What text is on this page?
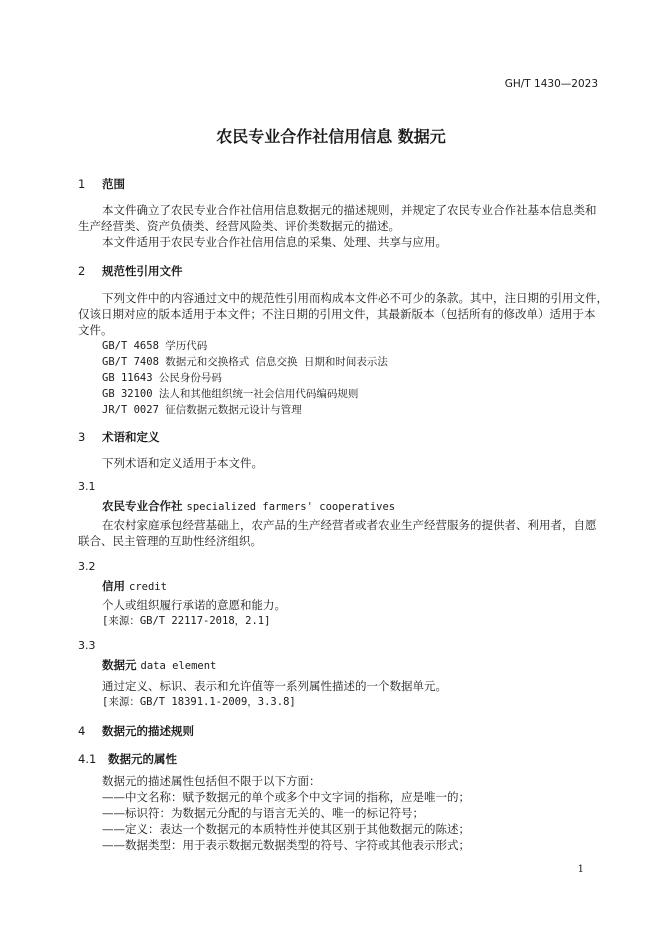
GH/T 1430—2023
农民专业合作社信用信息 数据元
1 范围
本文件确立了农民专业合作社信用信息数据元的描述规则，并规定了农民专业合作社基本信息类和
生产经营类、资产负债类、经营风险类、评价类数据元的描述。
本文件适用于农民专业合作社信用信息的采集、处理、共享与应用。
2 规范性引用文件
下列文件中的内容通过文中的规范性引用而构成本文件必不可少的条款。其中，注日期的引用文件，
仅该日期对应的版本适用于本文件；不注日期的引用文件，其最新版本（包括所有的修改单）适用于本
文件。
GB/T 4658 学历代码
GB/T 7408 数据元和交换格式 信息交换 日期和时间表示法
GB 11643 公民身份号码
GB 32100 法人和其他组织统一社会信用代码编码规则
JR/T 0027 征信数据元数据元设计与管理
3 术语和定义
下列术语和定义适用于本文件。
3.1
农民专业合作社 specialized farmers' cooperatives
在农村家庭承包经营基础上，农产品的生产经营者或者农业生产经营服务的提供者、利用者，自愿
联合、民主管理的互助性经济组织。
3.2
信用 credit
个人或组织履行承诺的意愿和能力。
[来源：GB/T 22117-2018，2.1]
3.3
数据元 data element
通过定义、标识、表示和允许值等一系列属性描述的一个数据单元。
[来源：GB/T 18391.1-2009，3.3.8]
4 数据元的描述规则
4.1 数据元的属性
数据元的描述属性包括但不限于以下方面：
——中文名称：赋予数据元的单个或多个中文字词的指称，应是唯一的；
——标识符：为数据元分配的与语言无关的、唯一的标记符号；
——定义：表达一个数据元的本质特性并使其区别于其他数据元的陈述；
——数据类型：用于表示数据元数据类型的符号、字符或其他表示形式；
1
